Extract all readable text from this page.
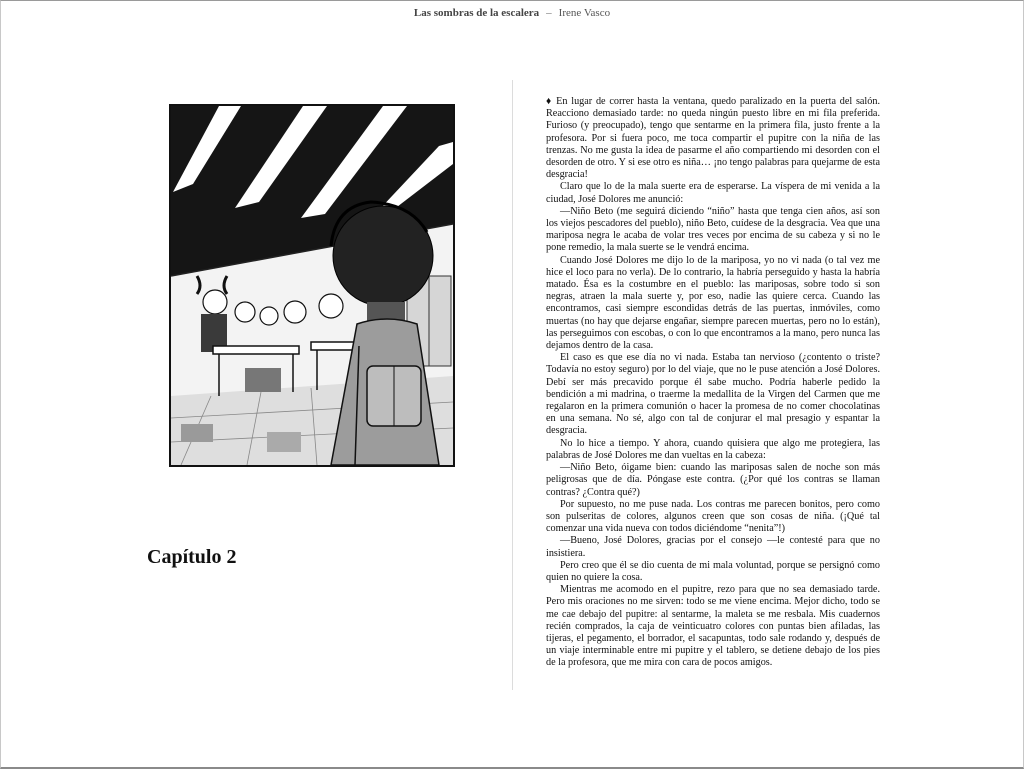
Las sombras de la escalera – Irene Vasco
Capítulo 2

♦ En lugar de correr hasta la ventana, quedo paralizado en la puerta del salón. Reacciono demasiado tarde: no queda ningún puesto libre en mi fila preferida. Furioso (y preocupado), tengo que sentarme en la primera fila, justo frente a la profesora. Por si fuera poco, me toca compartir el pupitre con la niña de las trenzas. No me gusta la idea de pasarme el año compartiendo mi desorden con el desorden de otro. Y si ese otro es niña… ¡no tengo palabras para quejarme de esta desgracia!

Claro que lo de la mala suerte era de esperarse. La víspera de mi venida a la ciudad, José Dolores me anunció:

—Niño Beto (me seguirá diciendo “niño” hasta que tenga cien años, así son los viejos pescadores del pueblo), niño Beto, cuídese de la desgracia. Vea que una mariposa negra le acaba de volar tres veces por encima de su cabeza y si no le pone remedio, la mala suerte se le vendrá encima.

Cuando José Dolores me dijo lo de la mariposa, yo no vi nada (o tal vez me hice el loco para no verla). De lo contrario, la habría perseguido y hasta la habría matado. Ésa es la costumbre en el pueblo: las mariposas, sobre todo si son negras, atraen la mala suerte y, por eso, nadie las quiere cerca. Cuando las encontramos, casi siempre escondidas detrás de las puertas, inmóviles, como muertas (no hay que dejarse engañar, siempre parecen muertas, pero no lo están), las perseguimos con escobas, o con lo que encontramos a la mano, pero nunca las dejamos dentro de la casa.

El caso es que ese día no vi nada. Estaba tan nervioso (¿contento o triste? Todavía no estoy seguro) por lo del viaje, que no le puse atención a José Dolores. Debí ser más precavido porque él sabe mucho. Podría haberle pedido la bendición a mi madrina, o traerme la medallita de la Virgen del Carmen que me regalaron en la primera comunión o hacer la promesa de no comer chocolatinas en una semana. No sé, algo con tal de conjurar el mal presagio y espantar la desgracia.

No lo hice a tiempo. Y ahora, cuando quisiera que algo me protegiera, las palabras de José Dolores me dan vueltas en la cabeza:

—Niño Beto, óigame bien: cuando las mariposas salen de noche son más peligrosas que de día. Póngase este contra. (¿Por qué los contras se llaman contras? ¿Contra qué?)

Por supuesto, no me puse nada. Los contras me parecen bonitos, pero como son pulseritas de colores, algunos creen que son cosas de niña. (¡Qué tal comenzar una vida nueva con todos diciéndome “nenita”!)

—Bueno, José Dolores, gracias por el consejo —le contesté para que no insistiera.

Pero creo que él se dio cuenta de mi mala voluntad, porque se persignó como quien no quiere la cosa.

Mientras me acomodo en el pupitre, rezo para que no sea demasiado tarde. Pero mis oraciones no me sirven: todo se me viene encima. Mejor dicho, todo se me cae debajo del pupitre: al sentarme, la maleta se me resbala. Mis cuadernos recién comprados, la caja de veinticuatro colores con puntas bien afiladas, las tijeras, el pegamento, el borrador, el sacapuntas, todo sale rodando y, después de un viaje interminable entre mi pupitre y el tablero, se detiene debajo de los pies de la profesora, que me mira con cara de pocos amigos.
